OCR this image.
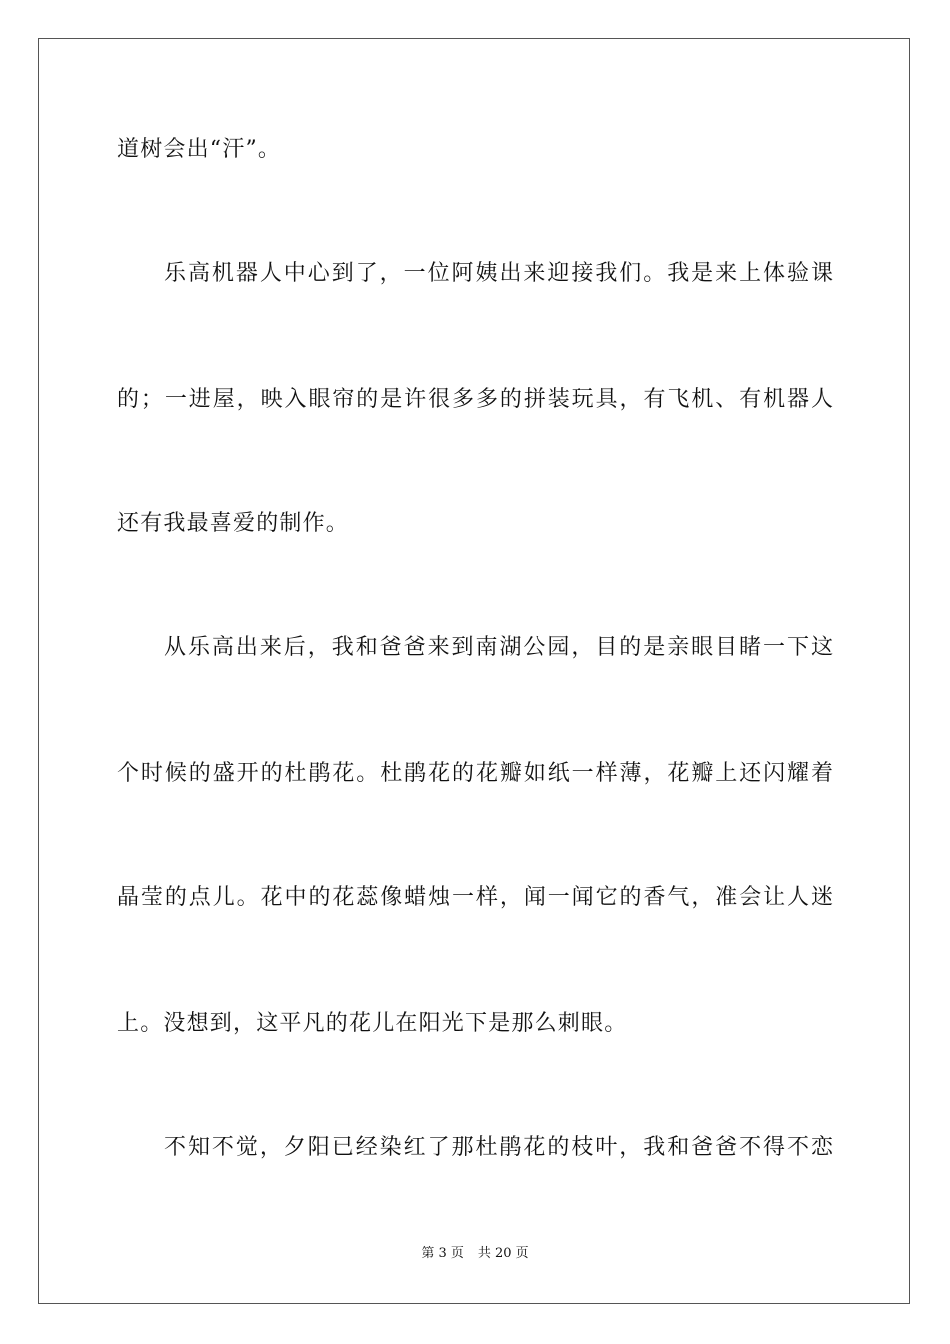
道树会出“汗”。
乐高机器人中心到了，一位阿姨出来迎接我们。我是来上体验课
的；一进屋，映入眼帘的是许很多多的拼装玩具，有飞机、有机器人
还有我最喜爱的制作。
从乐高出来后，我和爸爸来到南湖公园，目的是亲眼目睹一下这
个时候的盛开的杜鹃花。杜鹃花的花瓣如纸一样薄，花瓣上还闪耀着
晶莹的点儿。花中的花蕊像蜡烛一样，闻一闻它的香气，准会让人迷
上。没想到，这平凡的花儿在阳光下是那么刺眼。
不知不觉，夕阳已经染红了那杜鹃花的枝叶，我和爸爸不得不恋
第 3 页 共 20 页
